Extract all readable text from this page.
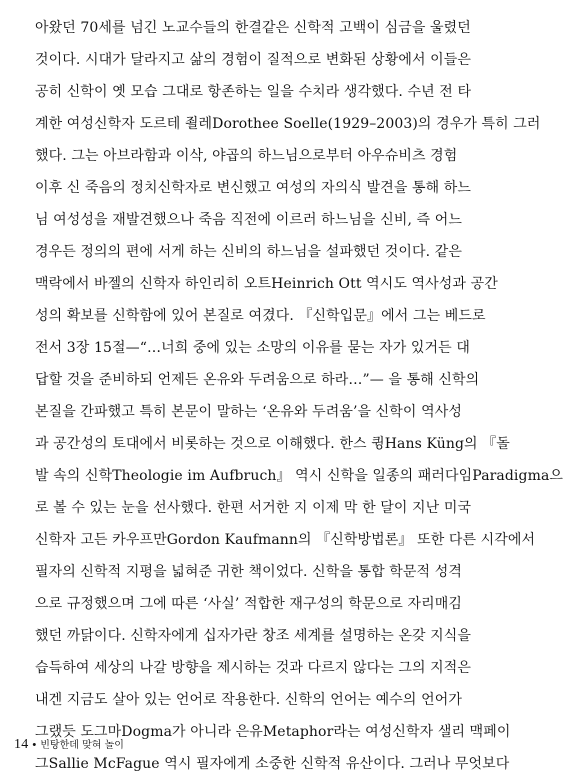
아왔던 70세를 넘긴 노교수들의 한결같은 신학적 고백이 심금을 울렸던
것이다. 시대가 달라지고 삶의 경험이 질적으로 변화된 상황에서 이들은
공히 신학이 옛 모습 그대로 항존하는 일을 수치라 생각했다. 수년 전 타
계한 여성신학자 도르테 죌레Dorothee Soelle(1929–2003)의 경우가 특히 그러
했다. 그는 아브라함과 이삭, 야곱의 하느님으로부터 아우슈비츠 경험
이후 신 죽음의 정치신학자로 변신했고 여성의 자의식 발견을 통해 하느
님 여성성을 재발견했으나 죽음 직전에 이르러 하느님을 신비, 즉 어느
경우든 정의의 편에 서게 하는 신비의 하느님을 설파했던 것이다. 같은
맥락에서 바젤의 신학자 하인리히 오트Heinrich Ott 역시도 역사성과 공간
성의 확보를 신학함에 있어 본질로 여겼다. 『신학입문』에서 그는 베드로
전서 3장 15절—“…너희 중에 있는 소망의 이유를 묻는 자가 있거든 대
답할 것을 준비하되 언제든 온유와 두려움으로 하라…”— 을 통해 신학의
본질을 간파했고 특히 본문이 말하는 ‘온유와 두려움’을 신학이 역사성
과 공간성의 토대에서 비롯하는 것으로 이해했다. 한스 큉Hans Küng의 『돌
발 속의 신학Theologie im Aufbruch』 역시 신학을 일종의 패러다임Paradigma으
로 볼 수 있는 눈을 선사했다. 한편 서거한 지 이제 막 한 달이 지난 미국
신학자 고든 카우프만Gordon Kaufmann의 『신학방법론』 또한 다른 시각에서
필자의 신학적 지평을 넓혀준 귀한 책이었다. 신학을 통합 학문적 성격
으로 규정했으며 그에 따른 ‘사실’ 적합한 재구성의 학문으로 자리매김
했던 까닭이다. 신학자에게 십자가란 창조 세계를 설명하는 온갖 지식을
습득하여 세상의 나갈 방향을 제시하는 것과 다르지 않다는 그의 지적은
내겐 지금도 살아 있는 언어로 작용한다. 신학의 언어는 예수의 언어가
그랬듯 도그마Dogma가 아니라 은유Metaphor라는 여성신학자 샐리 맥페이
그Sallie McFague 역시 필자에게 소중한 신학적 유산이다. 그러나 무엇보다
14 • 빈탕한데 맞혀 놀이
